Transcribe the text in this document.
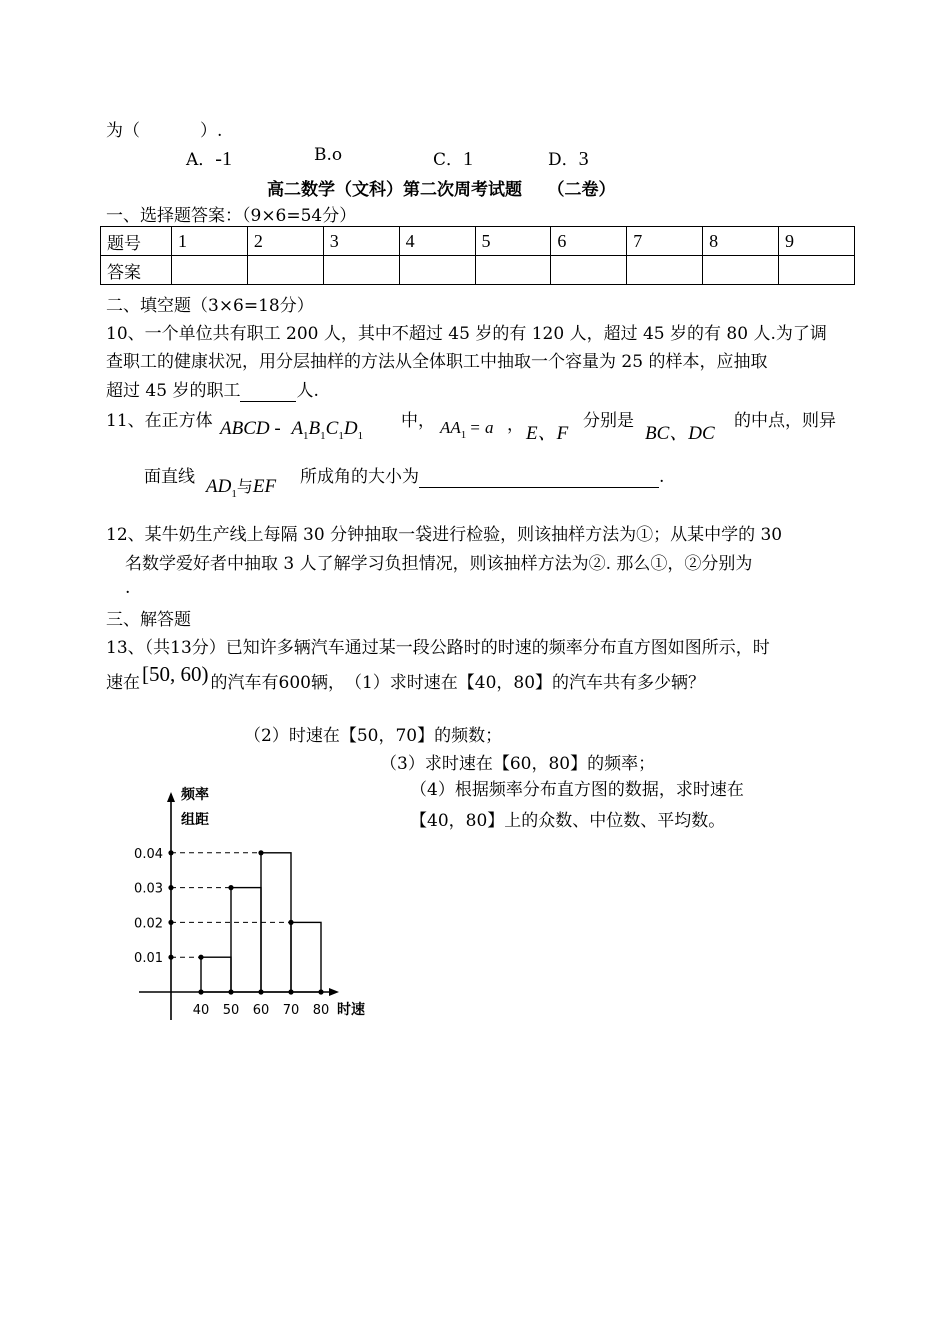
为（	）.
A．-1	B.o	C．1	D．3
高二数学（文科）第二次周考试题　　（二卷）
一、选择题答案：（9×6=54分）
题号	1	2	3	4	5	6	7	8	9
答案									
二、填空题（3×6=18分）
10、一个单位共有职工 200 人，其中不超过 45 岁的有 120 人，超过 45 岁的有 80 人.为了调
查职工的健康状况，用分层抽样的方法从全体职工中抽取一个容量为 25 的样本，应抽取
超过 45 岁的职工	人.
11、在正方体 ABCD - $A_1B_1C_1D_1$
中， $AA_1 = a$ ， E、F
分别是
BC、DC
的中点，则异
面直线 $AD_1$与EF 所成角的大小为	.
12、某牛奶生产线上每隔 30 分钟抽取一袋进行检验，则该抽样方法为①；从某中学的 30
名数学爱好者中抽取 3 人了解学习负担情况，则该抽样方法为②. 那么①，②分别为
.
三、解答题
13、（共13分）已知许多辆汽车通过某一段公路时的时速的频率分布直方图如图所示，时
速在[50, 60) 的汽车有600辆，　（1）求时速在【40，80】的汽车共有多少辆？
（2）时速在【50，70】的频数；
（3）求时速在【60，80】的频率；
（4）根据频率分布直方图的数据，求时速在
【40，80】上的众数、中位数、平均数。
40 50 60 70 80
0.01
0.02
0.03
0.04
频率
组距
时速
